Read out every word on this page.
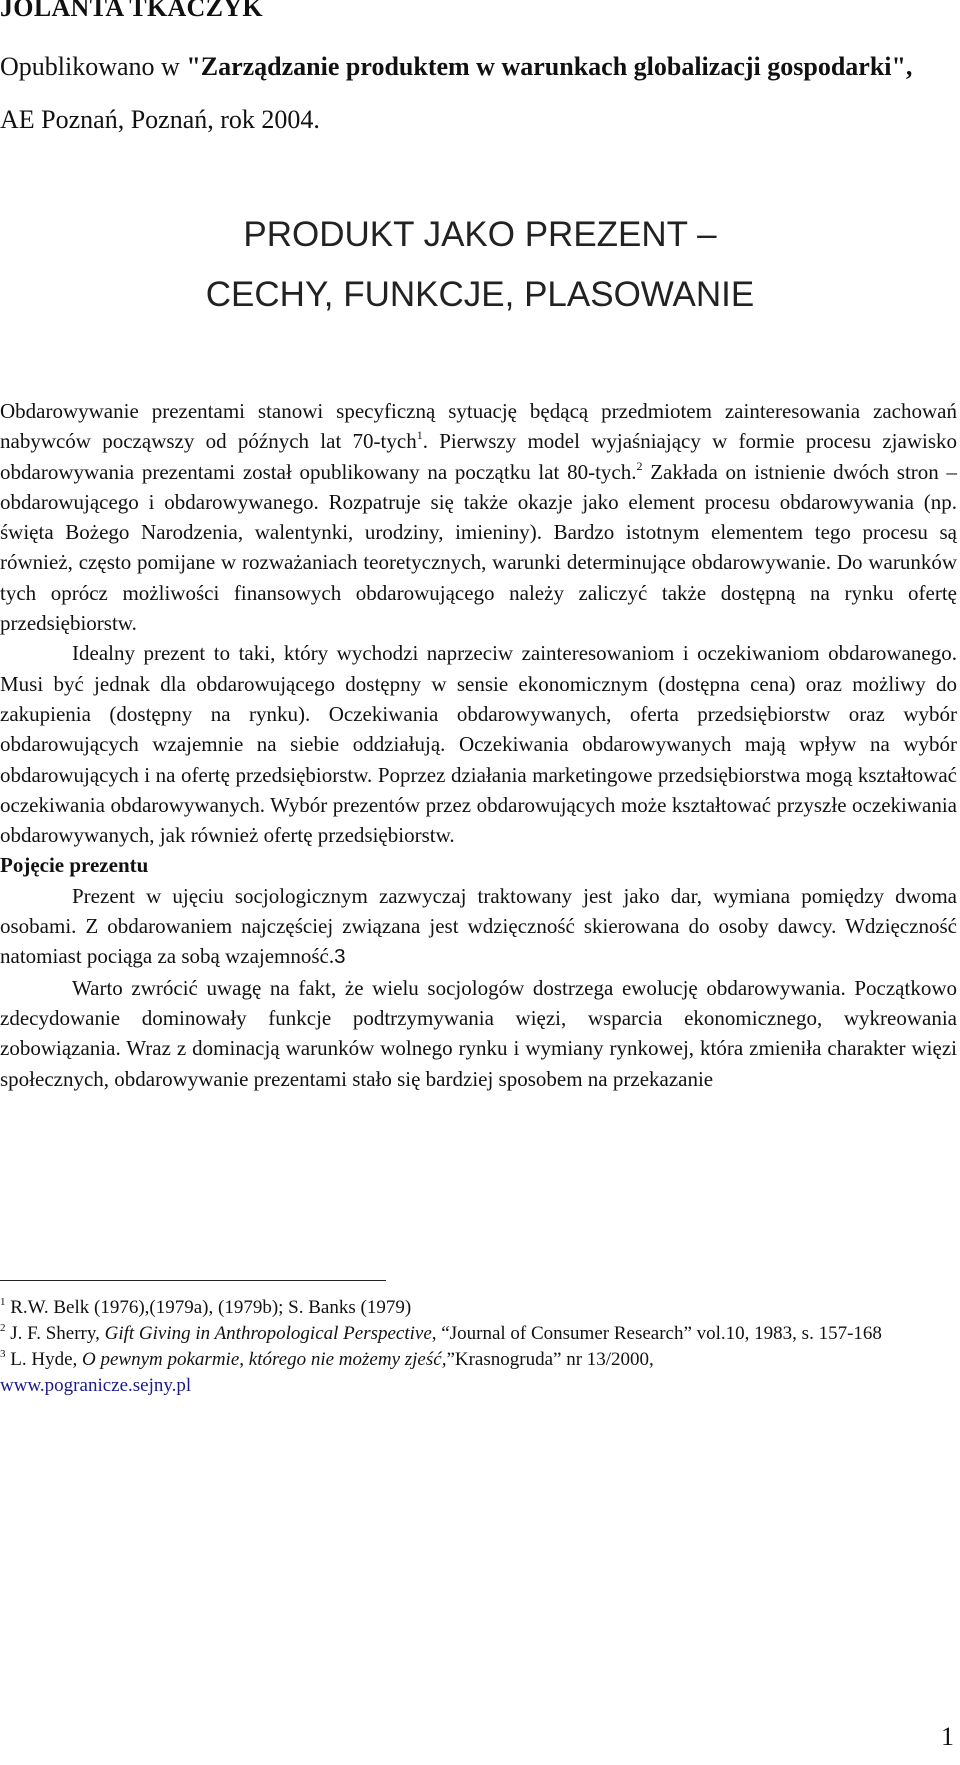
JOLANTA TKACZYK
Opublikowano w "Zarządzanie produktem w warunkach globalizacji gospodarki", AE Poznań, Poznań, rok 2004.
PRODUKT JAKO PREZENT –
CECHY, FUNKCJE, PLASOWANIE

Obdarowywanie prezentami stanowi specyficzną sytuację będącą przedmiotem zainteresowania zachowań nabywców począwszy od późnych lat 70-tych$^1$. Pierwszy model wyjaśniający w formie procesu zjawisko obdarowywania prezentami został opublikowany na początku lat 80-tych.$^2$ Zakłada on istnienie dwóch stron – obdarowującego i obdarowywanego. Rozpatruje się także okazje jako element procesu obdarowywania (np. święta Bożego Narodzenia, walentynki, urodziny, imieniny). Bardzo istotnym elementem tego procesu są również, często pomijane w rozważaniach teoretycznych, warunki determinujące obdarowywanie. Do warunków tych oprócz możliwości finansowych obdarowującego należy zaliczyć także dostępną na rynku ofertę przedsiębiorstw.

Idealny prezent to taki, który wychodzi naprzeciw zainteresowaniom i oczekiwaniom obdarowanego. Musi być jednak dla obdarowującego dostępny w sensie ekonomicznym (dostępna cena) oraz możliwy do zakupienia (dostępny na rynku). Oczekiwania obdarowywanych, oferta przedsiębiorstw oraz wybór obdarowujących wzajemnie na siebie oddziałują. Oczekiwania obdarowywanych mają wpływ na wybór obdarowujących i na ofertę przedsiębiorstw. Poprzez działania marketingowe przedsiębiorstwa mogą kształtować oczekiwania obdarowywanych. Wybór prezentów przez obdarowujących może kształtować przyszłe oczekiwania obdarowywanych, jak również ofertę przedsiębiorstw.

Pojęcie prezentu

Prezent w ujęciu socjologicznym zazwyczaj traktowany jest jako dar, wymiana pomiędzy dwoma osobami. Z obdarowaniem najczęściej związana jest wdzięczność skierowana do osoby dawcy. Wdzięczność natomiast pociąga za sobą wzajemność.3

Warto zwrócić uwagę na fakt, że wielu socjologów dostrzega ewolucję obdarowywania. Początkowo zdecydowanie dominowały funkcje podtrzymywania więzi, wsparcia ekonomicznego, wykreowania zobowiązania. Wraz z dominacją warunków wolnego rynku i wymiany rynkowej, która zmieniła charakter więzi społecznych, obdarowywanie prezentami stało się bardziej sposobem na przekazanie

$^1$ R.W. Belk (1976),(1979a), (1979b); S. Banks (1979)

$^2$ J. F. Sherry, Gift Giving in Anthropological Perspective, “Journal of Consumer Research” vol.10, 1983, s. 157-168

$^3$ L. Hyde, O pewnym pokarmie, którego nie możemy zjeść,”Krasnogruda” nr 13/2000,
www.pogranicze.sejny.pl

1
